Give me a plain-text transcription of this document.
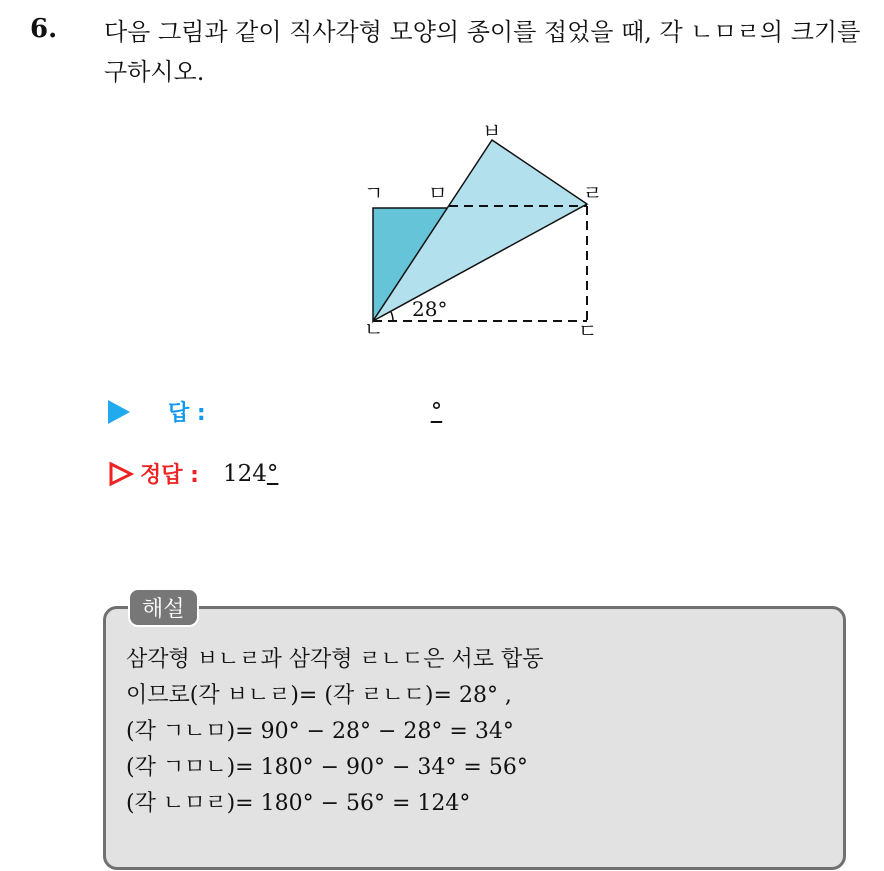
6. 다음 그림과 같이 직사각형 모양의 종이를 접었을 때, 각 ㄴㅁㄹ의 크기를 구하시오.
28°
ㄱ ㅁ
ㅂ
ㄹ
ㄴ	ㄷ
답 :	°
정답 : 124 °
해설
삼각형 ㅂㄴㄹ과 삼각형 ㄹㄴㄷ은 서로 합동
이므로(각 ㅂㄴㄹ)= (각 ㄹㄴㄷ)= 28° ,
(각 ㄱㄴㅁ)= 90° − 28° − 28° = 34°
(각 ㄱㅁㄴ)= 180° − 90° − 34° = 56°
(각 ㄴㅁㄹ)= 180° − 56° = 124°
